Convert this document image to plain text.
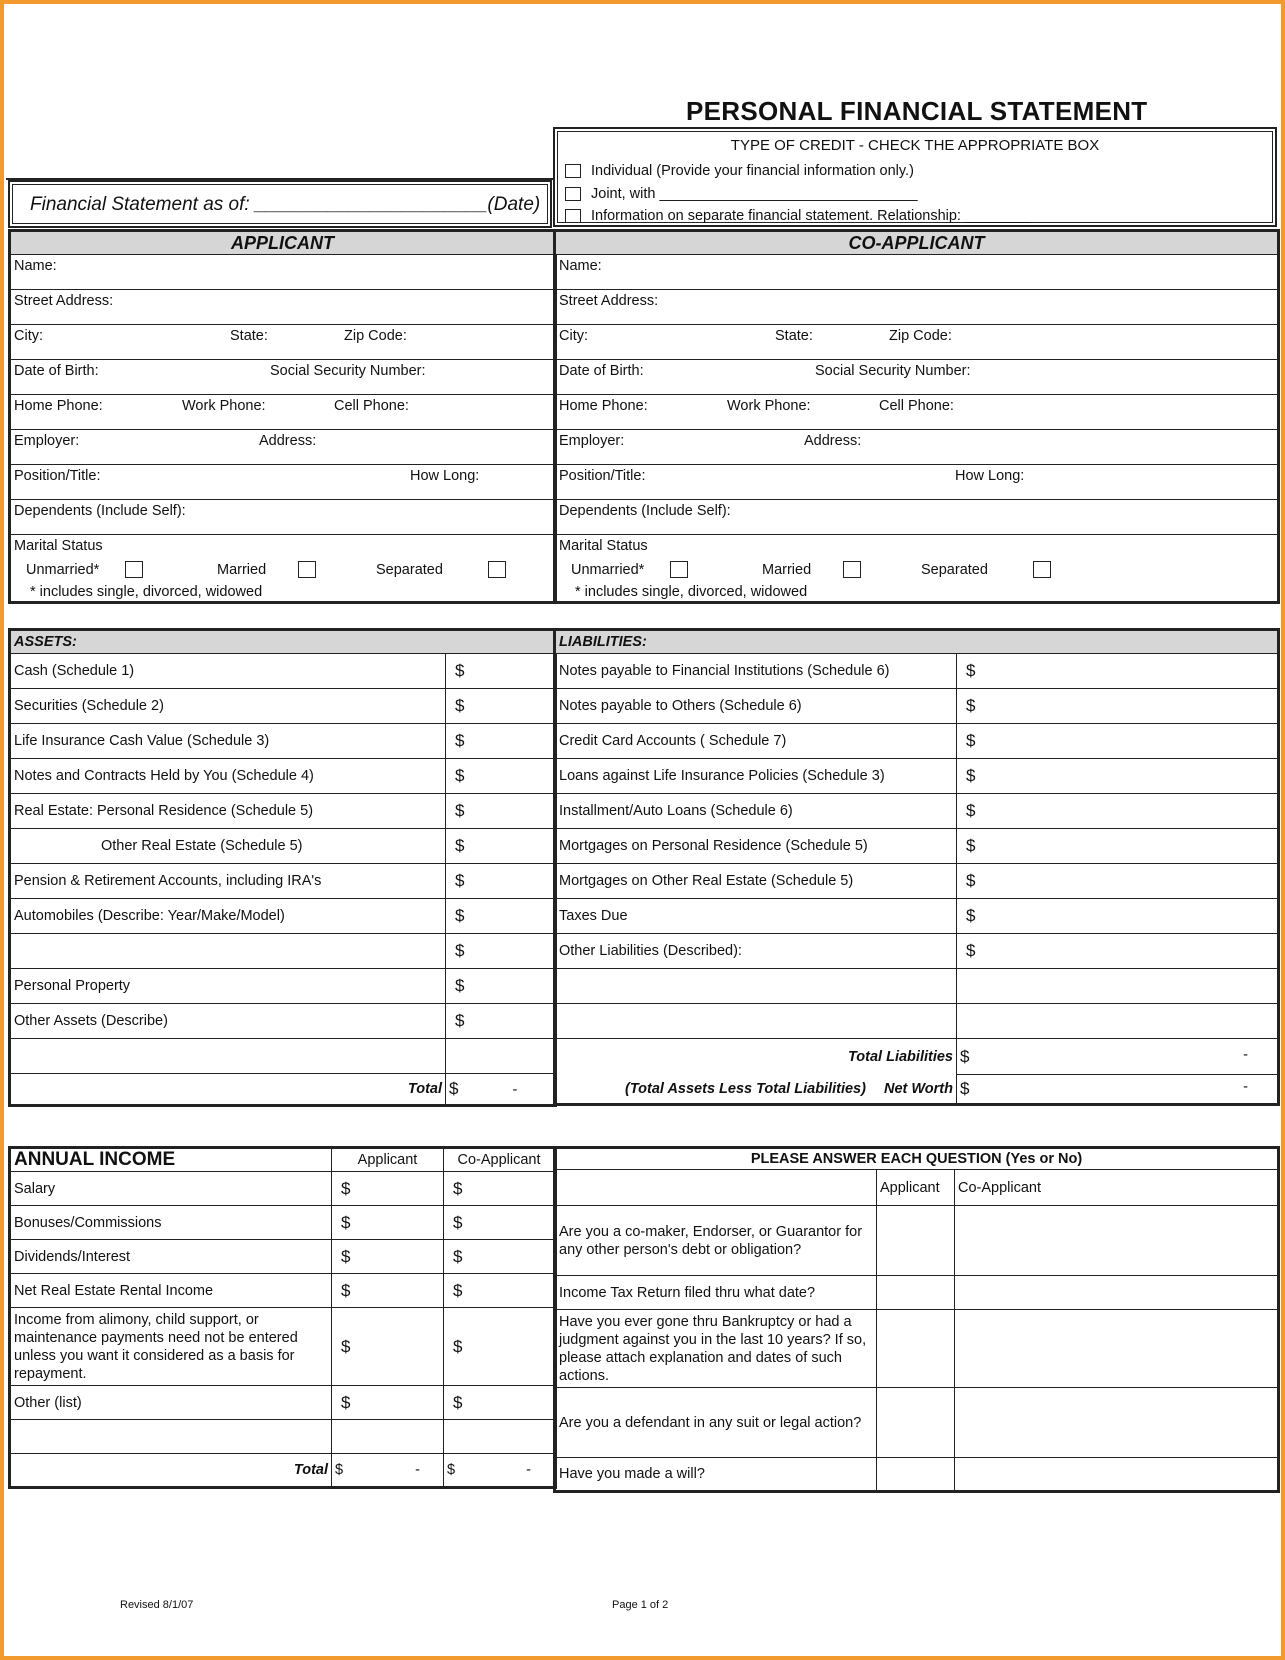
PERSONAL FINANCIAL STATEMENT
TYPE OF CREDIT - CHECK THE APPROPRIATE BOX
Individual (Provide your financial information only.)
Joint, with ________________________________
Information on separate financial statement. Relationship: ________
Financial Statement as of: ______________________(Date)
APPLICANT

Name:

Street Address:

City:	State:	Zip Code:

Date of Birth:	Social Security Number:

Home Phone:	Work Phone:	Cell Phone:

Employer:	Address:

Position/Title:	How Long:

Dependents (Include Self):

Marital Status
Unmarried*	Married	Separated
* includes single, divorced, widowed
CO-APPLICANT

Name:

Street Address:

City:	State:	Zip Code:

Date of Birth:	Social Security Number:

Home Phone:	Work Phone:	Cell Phone:

Employer:	Address:

Position/Title:	How Long:

Dependents (Include Self):

Marital Status
Unmarried*	Married	Separated
* includes single, divorced, widowed
ASSETS:	
Cash (Schedule 1)	$
Securities (Schedule 2)	$
Life Insurance Cash Value (Schedule 3)	$
Notes and Contracts Held by You (Schedule 4)	$
Real Estate: Personal Residence (Schedule 5)	$
Other Real Estate (Schedule 5)	$
Pension & Retirement Accounts, including IRA's	$
Automobiles (Describe: Year/Make/Model)	$
	$
Personal Property	$
Other Assets (Describe)	$

Total	$ -
LIABILITIES:	
Notes payable to Financial Institutions (Schedule 6)	$
Notes payable to Others (Schedule 6)	$
Credit Card Accounts ( Schedule 7)	$
Loans against Life Insurance Policies (Schedule 3)	$
Installment/Auto Loans (Schedule 6)	$
Mortgages on Personal Residence (Schedule 5)	$
Mortgages on Other Real Estate (Schedule 5)	$
Taxes Due	$
Other Liabilities (Described):	$

Total Liabilities	$ -

(Total Assets Less Total Liabilities) Net Worth	$ -
ANNUAL INCOME	Applicant	Co-Applicant
Salary	$	$
Bonuses/Commissions	$	$
Dividends/Interest	$	$
Net Real Estate Rental Income	$	$
Income from alimony, child support, or maintenance payments need not be entered unless you want it considered as a basis for repayment.	$	$
Other (list)	$	$

Total	$ -	$ -
PLEASE ANSWER EACH QUESTION (Yes or No)		
	Applicant	Co-Applicant
Are you a co-maker, Endorser, or Guarantor for any other person's debt or obligation?		
Income Tax Return filed thru what date?		
Have you ever gone thru Bankruptcy or had a judgment against you in the last 10 years? If so, please attach explanation and dates of such actions.		
Are you a defendant in any suit or legal action?		
Have you made a will?		
Revised 8/1/07	Page 1 of 2
